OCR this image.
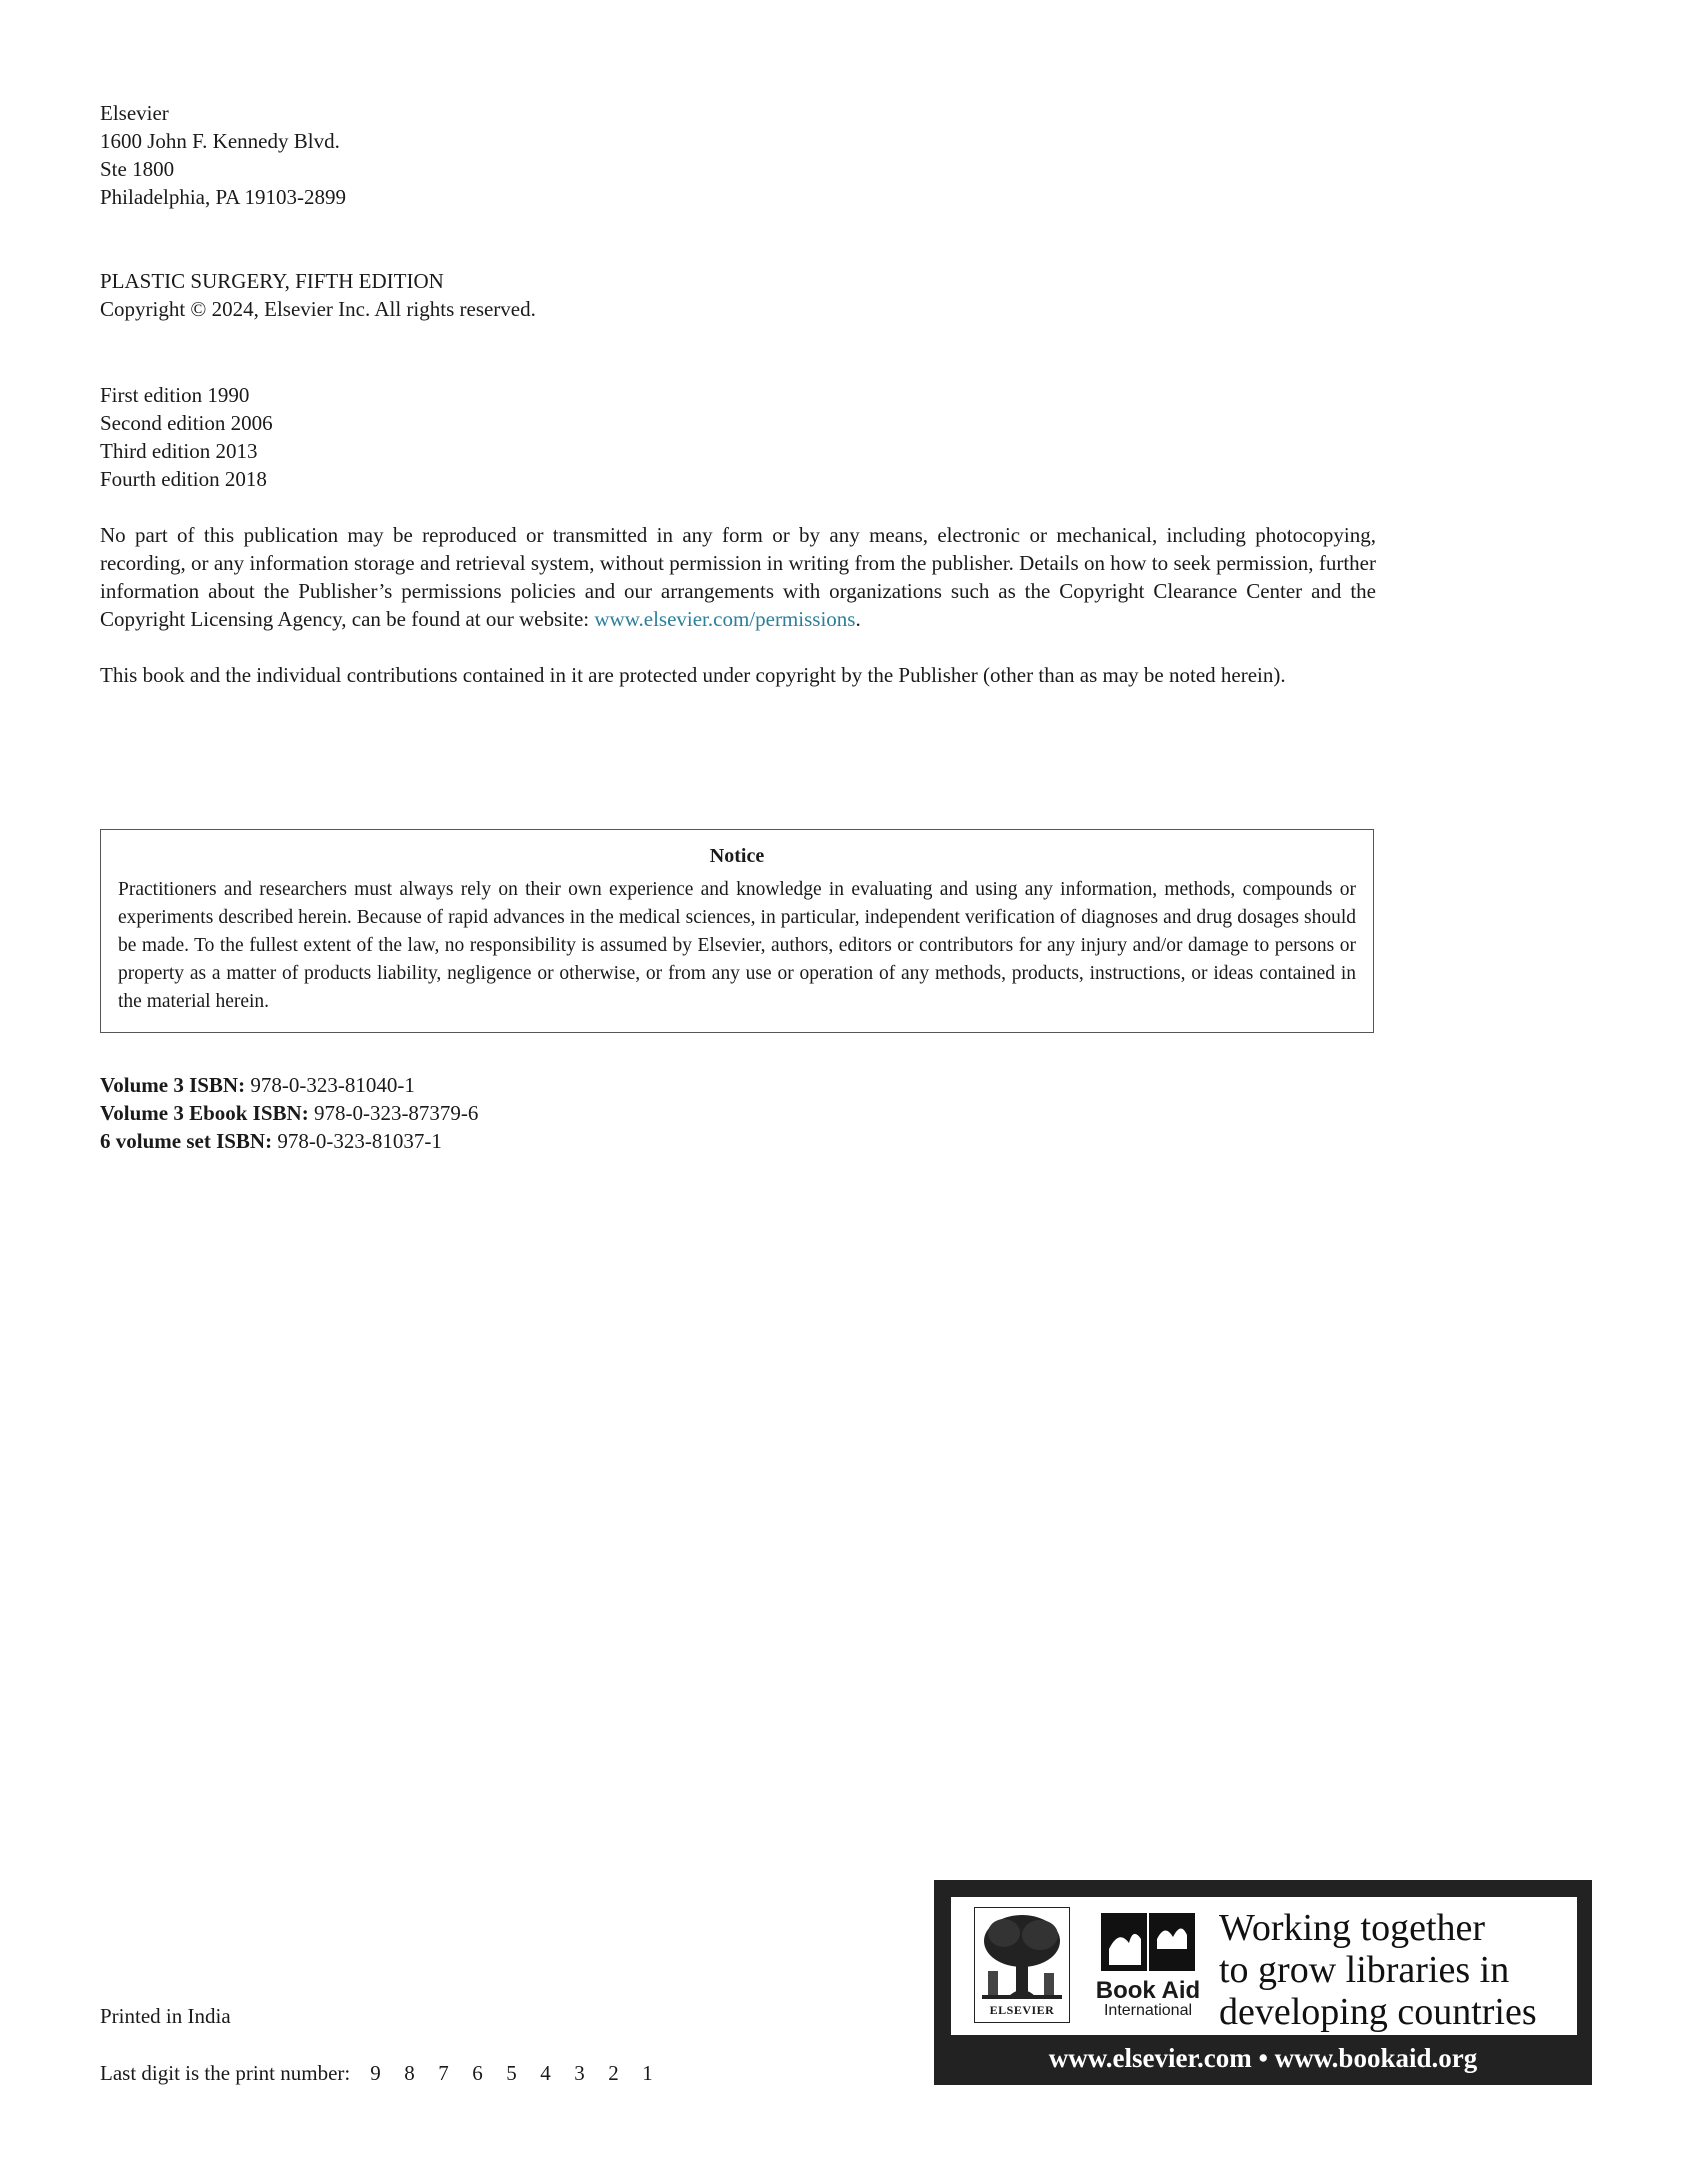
Elsevier
1600 John F. Kennedy Blvd.
Ste 1800
Philadelphia, PA 19103-2899
PLASTIC SURGERY, FIFTH EDITION
Copyright © 2024, Elsevier Inc. All rights reserved.
First edition 1990
Second edition 2006
Third edition 2013
Fourth edition 2018

No part of this publication may be reproduced or transmitted in any form or by any means, electronic or mechanical, including photocopying, recording, or any information storage and retrieval system, without permission in writing from the publisher. Details on how to seek permission, further information about the Publisher’s permissions policies and our arrangements with organizations such as the Copyright Clearance Center and the Copyright Licensing Agency, can be found at our website: www.elsevier.com/permissions.

This book and the individual contributions contained in it are protected under copyright by the Publisher (other than as may be noted herein).

Notice
Practitioners and researchers must always rely on their own experience and knowledge in evaluating and using any information, methods, compounds or experiments described herein. Because of rapid advances in the medical sciences, in particular, independent verification of diagnoses and drug dosages should be made. To the fullest extent of the law, no responsibility is assumed by Elsevier, authors, editors or contributors for any injury and/or damage to persons or property as a matter of products liability, negligence or otherwise, or from any use or operation of any methods, products, instructions, or ideas contained in the material herein.
Volume 3 ISBN: 978-0-323-81040-1
Volume 3 Ebook ISBN: 978-0-323-87379-6
6 volume set ISBN: 978-0-323-81037-1
Printed in India
Last digit is the print number: 9 8 7 6 5 4 3 2 1
ELSEVIER
Book Aid
International
Working together
to grow libraries in
developing countries
www.elsevier.com • www.bookaid.org
